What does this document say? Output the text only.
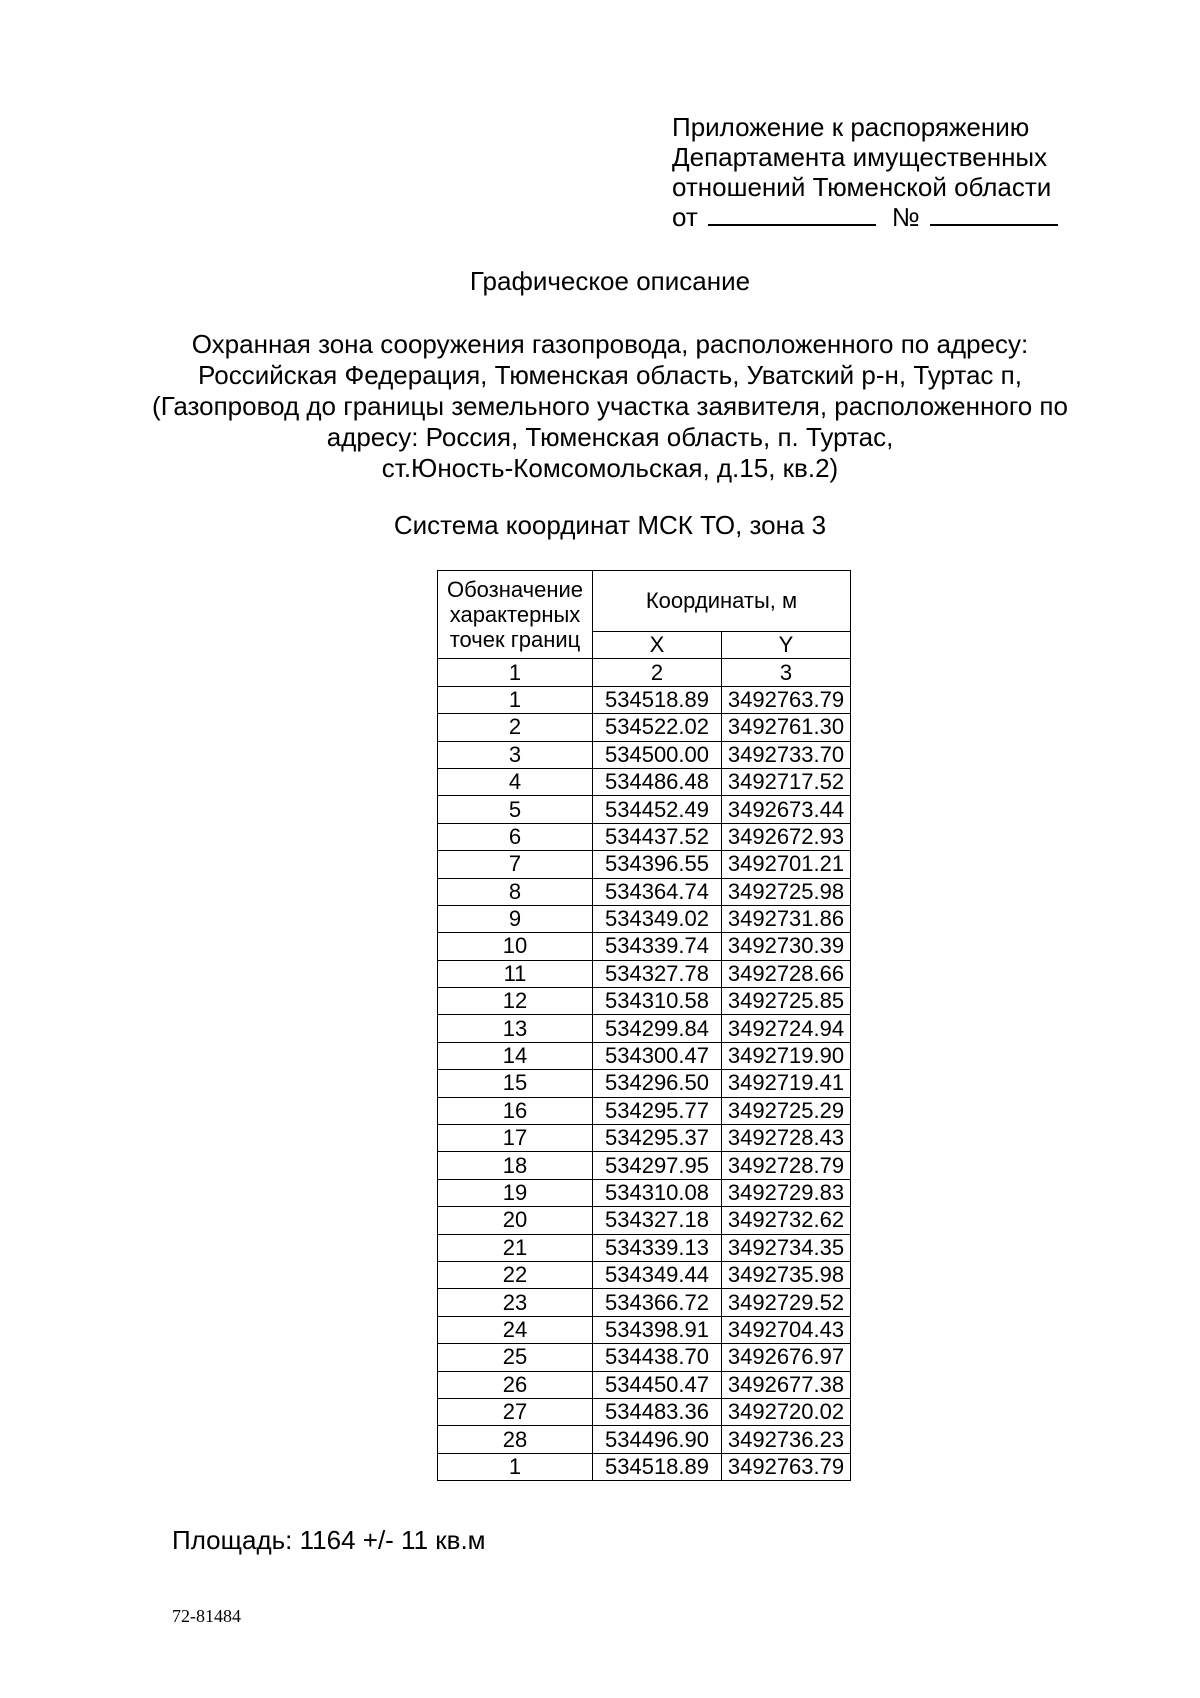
Приложение к распоряжению
Департамента имущественных
отношений Тюменской области
от	№
Графическое описание
Охранная зона сооружения газопровода, расположенного по адресу:
Российская Федерация, Тюменская область, Уватский р-н, Туртас п,
(Газопровод до границы земельного участка заявителя, расположенного по
адресу: Россия, Тюменская область, п. Туртас,
ст.Юность-Комсомольская, д.15, кв.2)
Система координат МСК ТО, зона 3
Обозначение
характерных
точек границ	Координаты, м	
	X	Y
1	2	3
1	534518.89	3492763.79
2	534522.02	3492761.30
3	534500.00	3492733.70
4	534486.48	3492717.52
5	534452.49	3492673.44
6	534437.52	3492672.93
7	534396.55	3492701.21
8	534364.74	3492725.98
9	534349.02	3492731.86
10	534339.74	3492730.39
11	534327.78	3492728.66
12	534310.58	3492725.85
13	534299.84	3492724.94
14	534300.47	3492719.90
15	534296.50	3492719.41
16	534295.77	3492725.29
17	534295.37	3492728.43
18	534297.95	3492728.79
19	534310.08	3492729.83
20	534327.18	3492732.62
21	534339.13	3492734.35
22	534349.44	3492735.98
23	534366.72	3492729.52
24	534398.91	3492704.43
25	534438.70	3492676.97
26	534450.47	3492677.38
27	534483.36	3492720.02
28	534496.90	3492736.23
1	534518.89	3492763.79
Площадь: 1164 +/- 11 кв.м
72-81484
